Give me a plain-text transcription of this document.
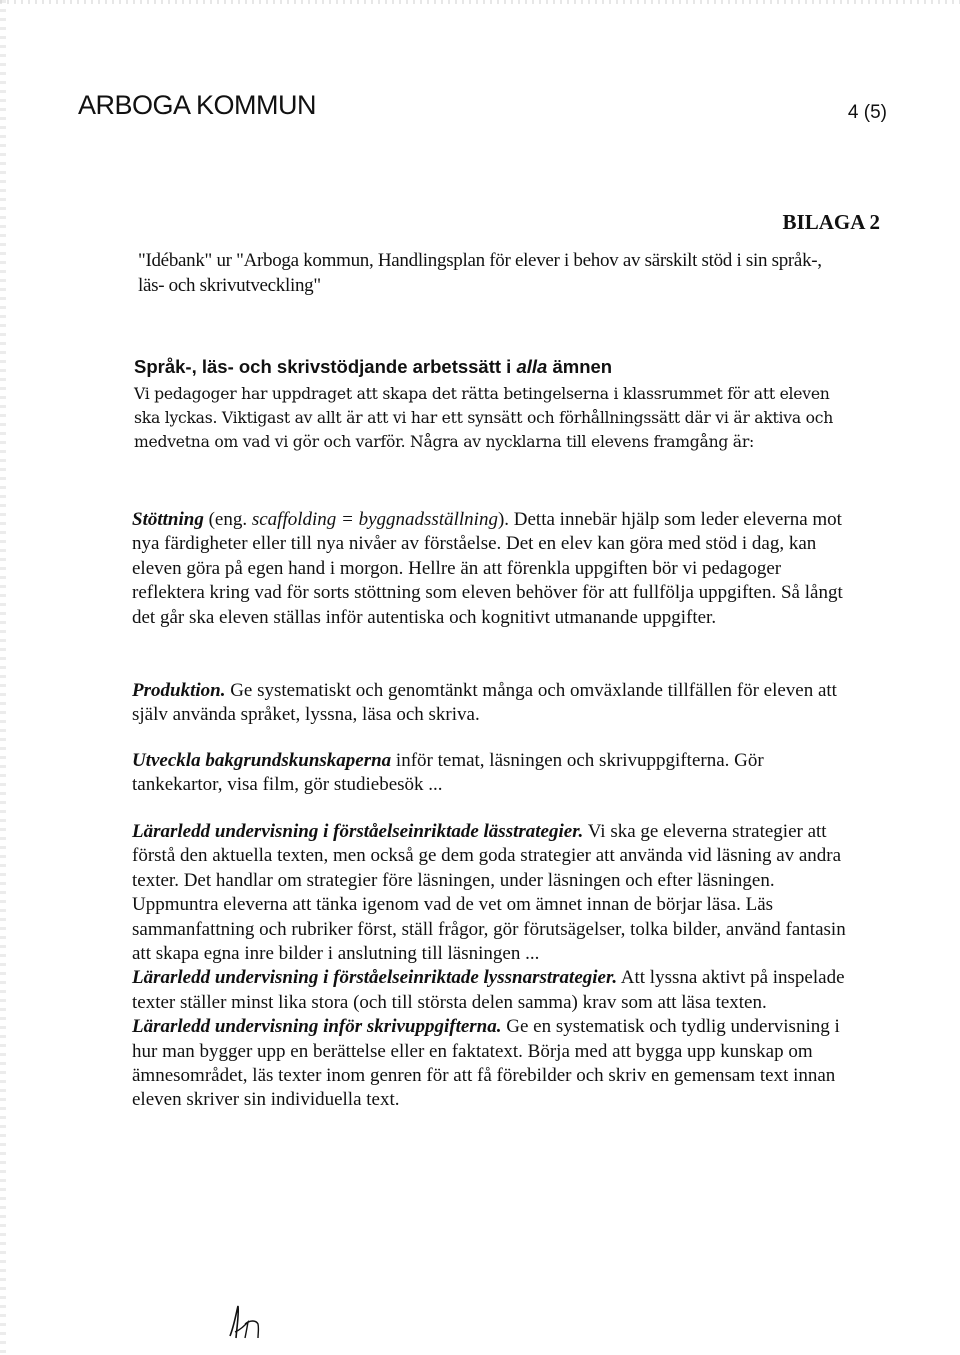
ARBOGA KOMMUN	4 (5)
BILAGA 2
"Idébank" ur "Arboga kommun, Handlingsplan för elever i behov av särskilt stöd i sin språk-, läs- och skrivutveckling"
Språk-, läs- och skrivstödjande arbetssätt i alla ämnen
Vi pedagoger har uppdraget att skapa det rätta betingelserna i klassrummet för att eleven ska lyckas. Viktigast av allt är att vi har ett synsätt och förhållningssätt där vi är aktiva och medvetna om vad vi gör och varför. Några av nycklarna till elevens framgång är:
Stöttning (eng. scaffolding = byggnadsställning). Detta innebär hjälp som leder eleverna mot nya färdigheter eller till nya nivåer av förståelse. Det en elev kan göra med stöd i dag, kan eleven göra på egen hand i morgon. Hellre än att förenkla uppgiften bör vi pedagoger reflektera kring vad för sorts stöttning som eleven behöver för att fullfölja uppgiften. Så långt det går ska eleven ställas inför autentiska och kognitivt utmanande uppgifter.
Produktion. Ge systematiskt och genomtänkt många och omväxlande tillfällen för eleven att själv använda språket, lyssna, läsa och skriva.
Utveckla bakgrundskunskaperna inför temat, läsningen och skrivuppgifterna. Gör tankekartor, visa film, gör studiebesök ...
Lärarledd undervisning i förståelseinriktade lässtrategier. Vi ska ge eleverna strategier att förstå den aktuella texten, men också ge dem goda strategier att använda vid läsning av andra texter. Det handlar om strategier före läsningen, under läsningen och efter läsningen. Uppmuntra eleverna att tänka igenom vad de vet om ämnet innan de börjar läsa. Läs sammanfattning och rubriker först, ställ frågor, gör förutsägelser, tolka bilder, använd fantasin att skapa egna inre bilder i anslutning till läsningen ...
Lärarledd undervisning i förståelseinriktade lyssnarstrategier. Att lyssna aktivt på inspelade texter ställer minst lika stora (och till största delen samma) krav som att läsa texten.
Lärarledd undervisning inför skrivuppgifterna. Ge en systematisk och tydlig undervisning i hur man bygger upp en berättelse eller en faktatext. Börja med att bygga upp kunskap om ämnesområdet, läs texter inom genren för att få förebilder och skriv en gemensam text innan eleven skriver sin individuella text.
